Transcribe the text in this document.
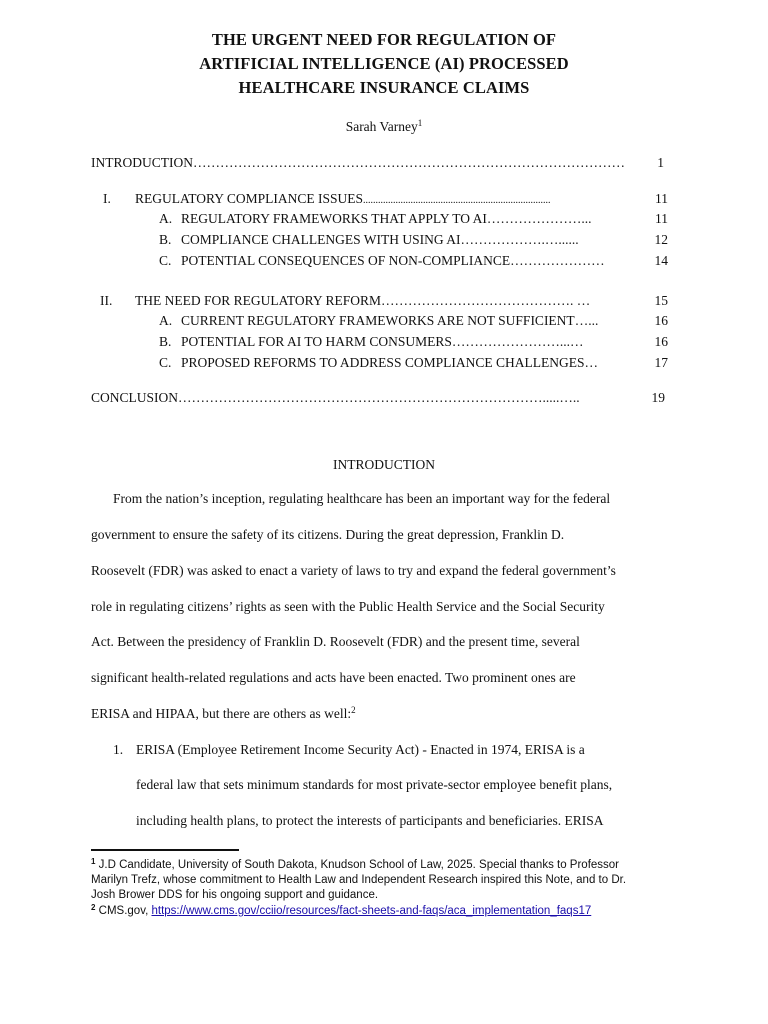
THE URGENT NEED FOR REGULATION OF
ARTIFICIAL INTELLIGENCE (AI) PROCESSED
HEALTHCARE INSURANCE CLAIMS
Sarah Varney$^1$
INTRODUCTION ……………………………………………………………………………………	1
I. REGULATORY COMPLIANCE ISSUES ...........................................................................	11
A. REGULATORY FRAMEWORKS THAT APPLY TO AI …………………...	11
B. COMPLIANCE CHALLENGES WITH USING AI ……………….…......	12
C. POTENTIAL CONSEQUENCES OF NON-COMPLIANCE …………………	14
II. THE NEED FOR REGULATORY REFORM ……………………………………. …	15
A. CURRENT REGULATORY FRAMEWORKS ARE NOT SUFFICIENT …...	16
B. POTENTIAL FOR AI TO HARM CONSUMERS ……………………...…	16
C. PROPOSED REFORMS TO ADDRESS COMPLIANCE CHALLENGES …	17
CONCLUSION ……………………………………………………………………….....…..	19
INTRODUCTION
From the nation’s inception, regulating healthcare has been an important way for the federal
government to ensure the safety of its citizens. During the great depression, Franklin D.
Roosevelt (FDR) was asked to enact a variety of laws to try and expand the federal government’s
role in regulating citizens’ rights as seen with the Public Health Service and the Social Security
Act. Between the presidency of Franklin D. Roosevelt (FDR) and the present time, several
significant health-related regulations and acts have been enacted. Two prominent ones are
ERISA and HIPAA, but there are others as well:$^2$
1. ERISA (Employee Retirement Income Security Act) - Enacted in 1974, ERISA is a
federal law that sets minimum standards for most private-sector employee benefit plans,
including health plans, to protect the interests of participants and beneficiaries. ERISA
$^1$ J.D Candidate, University of South Dakota, Knudson School of Law, 2025. Special thanks to Professor
Marilyn Trefz, whose commitment to Health Law and Independent Research inspired this Note, and to Dr.
Josh Brower DDS for his ongoing support and guidance.
$^2$ CMS.gov, https://www.cms.gov/cciio/resources/fact-sheets-and-faqs/aca_implementation_faqs17
